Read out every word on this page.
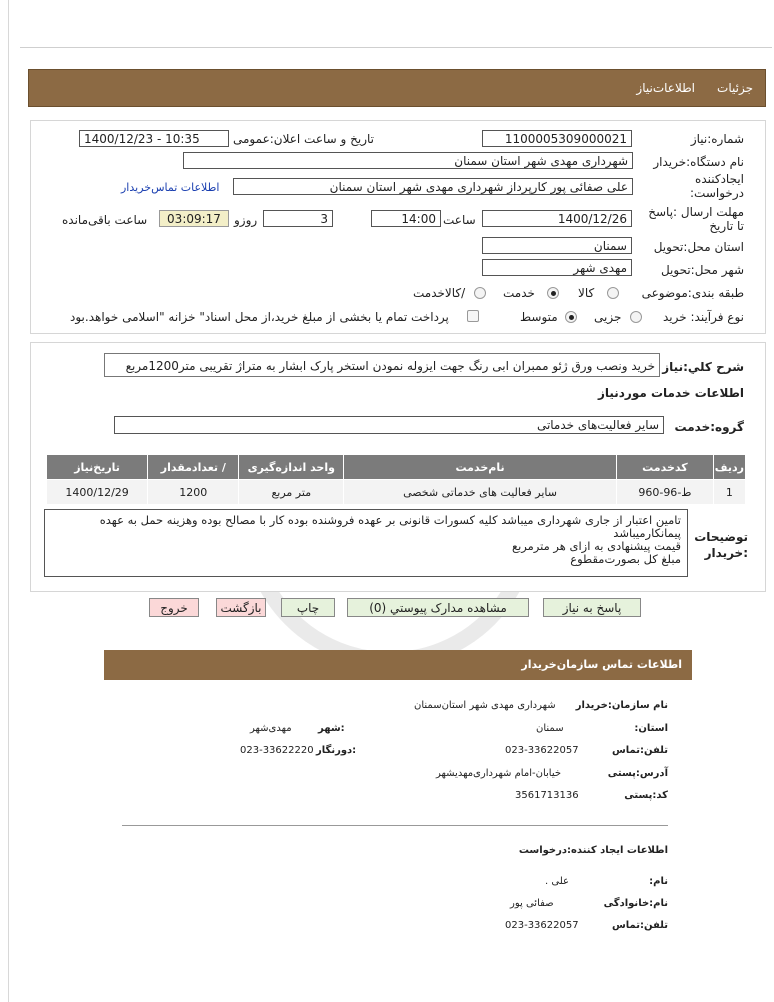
جزئیات
اطلاعات‌نیاز
شماره:نیاز
1100005309000021
تاریخ و ساعت اعلان:عمومی
1400/12/23 - 10:35
نام دستگاه:خریدار
شهرداری مهدی شهر استان سمنان
ایجادکننده درخواست:
علی صفائی پور کارپرداز شهرداری مهدی شهر استان سمنان
اطلاعات تماس‌خریدار
مهلت ارسال :پاسخ تا تاریخ
1400/12/26
ساعت
14:00
3
روزو
03:09:17
ساعت باقی‌مانده
استان محل:تحویل
سمنان
شهر محل:تحویل
مهدی شهر
طبقه بندی:موضوعی
کالا
خدمت
/کالاخدمت
نوع فرآیند: خرید
جزیی
متوسط
پرداخت تمام یا بخشی از مبلغ خرید،از محل اسناد" خزانه "اسلامی خواهد.بود
شرح کلي:نياز
خرید ونصب ورق ژئو ممبران ابی رنگ جهت ایزوله نمودن استخر پارک ابشار به متراژ تقریبی متر1200مربع
اطلاعات خدمات موردنیاز
گروه:خدمت
سایر فعالیت‌های خدماتی
ردیف	کدخدمت	نام‌خدمت	واحد اندازه‌گیری	/ تعدادمقدار	تاریخ‌نیاز
1	ط-96-960	سایر فعالیت های خدماتی شخصی	متر مربع	1200	1400/12/29
توضیحات
:خریدار
تامین اعتبار از جاری شهرداری میباشد کلیه کسورات قانونی بر عهده فروشنده بوده کار با مصالح بوده وهزینه حمل به عهده
پیمانکارمیباشد
قیمت پیشنهادی به ازای هر مترمربع
مبلغ کل بصورت‌مقطوع
پاسخ به نیاز
مشاهده مدارک پیوستي (0)
چاپ
بازگشت
خروج
اطلاعات تماس سازمان‌خریدار
نام سازمان:خریدار
شهرداری مهدی شهر استان‌سمنان
استان:
سمنان
:شهر
مهدی‌شهر
تلفن:تماس
023-33622057
:دورنگار
023-33622220
آدرس:پستی
خیابان-امام شهرداری‌مهدیشهر
کد:پستی
3561713136
اطلاعات ایجاد کننده:درخواست
نام:
علی .
نام:خانوادگی
صفائی پور
تلفن:تماس
023-33622057
